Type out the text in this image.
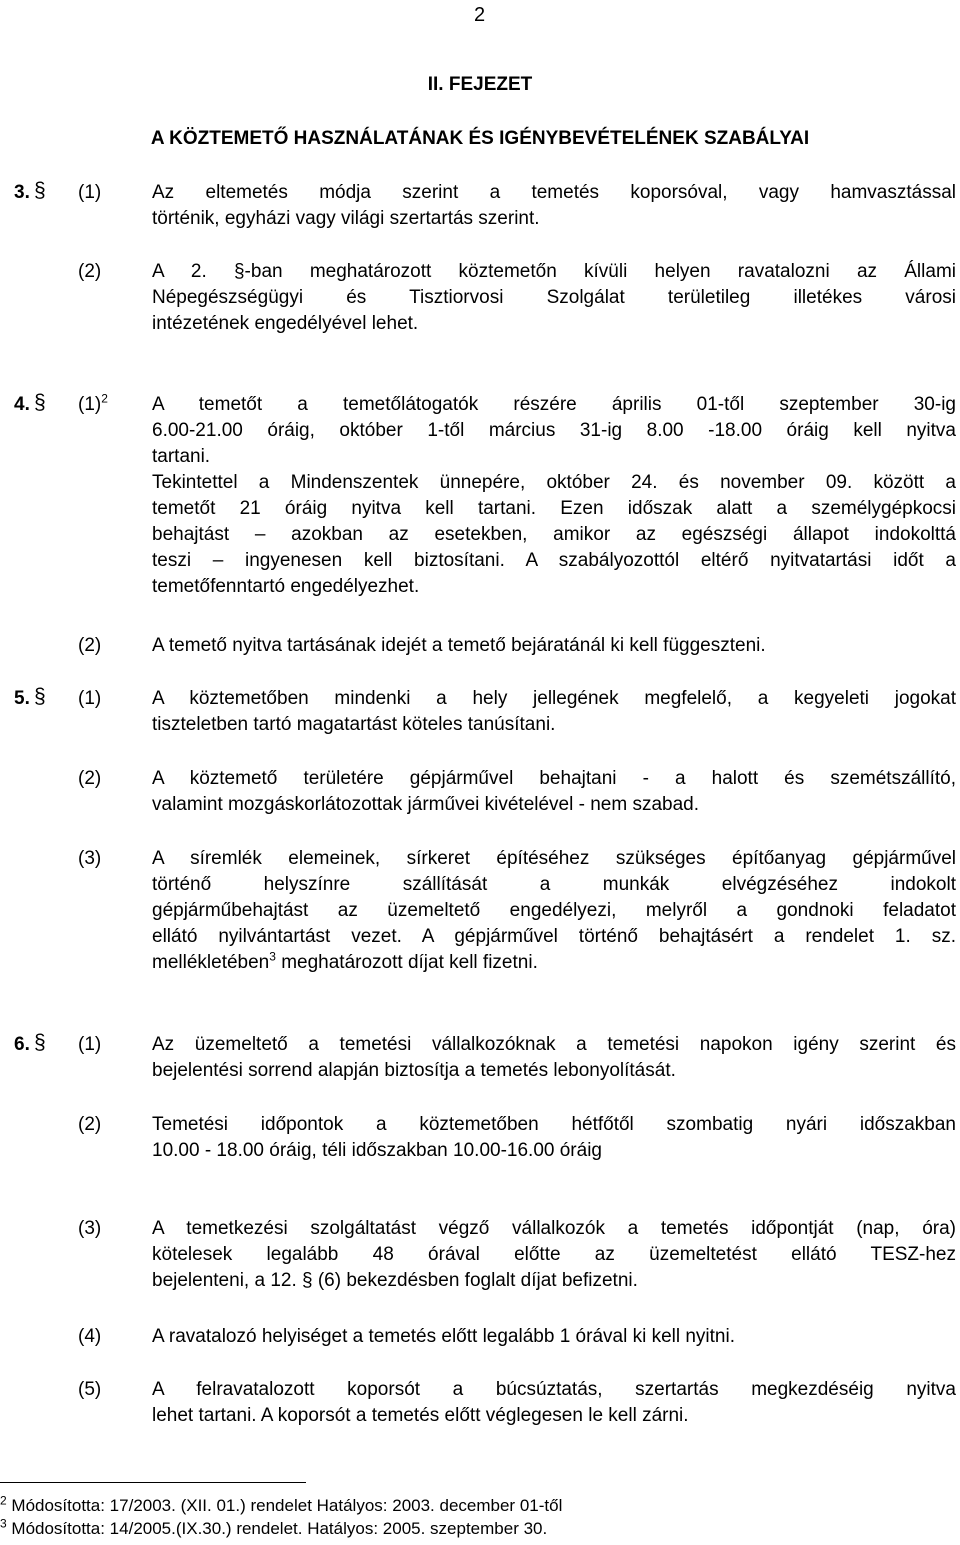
2
II. FEJEZET
A KÖZTEMETŐ HASZNÁLATÁNAK ÉS IGÉNYBEVÉTELÉNEK SZABÁLYAI
3. § (1)	Az eltemetés módja szerint a temetés koporsóval, vagy hamvasztással
történik, egyházi vagy világi szertartás szerint.
(2)	A 2. §-ban meghatározott köztemetőn kívüli helyen ravatalozni az Állami
Népegészségügyi és Tisztiorvosi Szolgálat területileg illetékes városi
intézetének engedélyével lehet.
4. § $(1)^2$ A temetőt a temetőlátogatók részére április 01-től szeptember 30-ig
6.00-21.00 óráig, október 1-től március 31-ig 8.00 -18.00 óráig kell nyitva
tartani.
Tekintettel a Mindenszentek ünnepére, október 24. és november 09. között a
temetőt 21 óráig nyitva kell tartani. Ezen időszak alatt a személygépkocsi
behajtást – azokban az esetekben, amikor az egészségi állapot indokolttá
teszi – ingyenesen kell biztosítani. A szabályozottól eltérő nyitvatartási időt a
temetőfenntartó engedélyezhet.
(2)	A temető nyitva tartásának idejét a temető bejáratánál ki kell függeszteni.
5. § (1)	A köztemetőben mindenki a hely jellegének megfelelő, a kegyeleti jogokat
tiszteletben tartó magatartást köteles tanúsítani.
(2)	A köztemető területére gépjárművel behajtani - a halott és szemétszállító,
valamint mozgáskorlátozottak járművei kivételével - nem szabad.
(3)	A síremlék elemeinek, sírkeret építéséhez szükséges építőanyag gépjárművel
történő helyszínre szállítását a munkák elvégzéséhez indokolt
gépjárműbehajtást az üzemeltető engedélyezi, melyről a gondnoki feladatot
ellátó nyilvántartást vezet. A gépjárművel történő behajtásért a rendelet 1. sz.
mellékletében$^3$ meghatározott díjat kell fizetni.
6. § (1)	Az üzemeltető a temetési vállalkozóknak a temetési napokon igény szerint és
bejelentési sorrend alapján biztosítja a temetés lebonyolítását.
(2)	Temetési időpontok a köztemetőben hétfőtől szombatig nyári időszakban
10.00 - 18.00 óráig, téli időszakban 10.00-16.00 óráig
(3)	A temetkezési szolgáltatást végző vállalkozók a temetés időpontját (nap, óra)
kötelesek legalább 48 órával előtte az üzemeltetést ellátó TESZ-hez
bejelenteni, a 12. § (6) bekezdésben foglalt díjat befizetni.
(4)	A ravatalozó helyiséget a temetés előtt legalább 1 órával ki kell nyitni.
(5)	A felravatalozott koporsót a búcsúztatás, szertartás megkezdéséig nyitva
lehet tartani. A koporsót a temetés előtt véglegesen le kell zárni.
$^2$ Módosította: 17/2003. (XII. 01.) rendelet Hatályos: 2003. december 01-től
$^3$ Módosította: 14/2005.(IX.30.) rendelet. Hatályos: 2005. szeptember 30.
